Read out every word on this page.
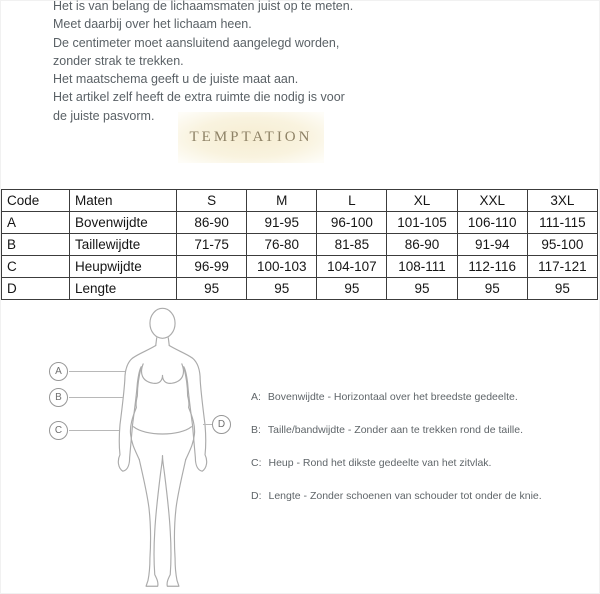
Het is van belang de lichaamsmaten juist op te meten.
Meet daarbij over het lichaam heen.
De centimeter moet aansluitend aangelegd worden,
zonder strak te trekken.
Het maatschema geeft u de juiste maat aan.
Het artikel zelf heeft de extra ruimte die nodig is voor
de juiste pasvorm.
TEMPTATION
Code	Maten	S	M	L	XL	XXL	3XL
A	Bovenwijdte	86-90	91-95	96-100	101-105	106-110	111-115
B	Taillewijdte	71-75	76-80	81-85	86-90	91-94	95-100
C	Heupwijdte	96-99	100-103	104-107	108-111	112-116	117-121
D	Lengte	95	95	95	95	95	95
A
B
C
D
A: Bovenwijdte - Horizontaal over het breedste gedeelte.
B: Taille/bandwijdte - Zonder aan te trekken rond de taille.
C: Heup - Rond het dikste gedeelte van het zitvlak.
D: Lengte - Zonder schoenen van schouder tot onder de knie.
